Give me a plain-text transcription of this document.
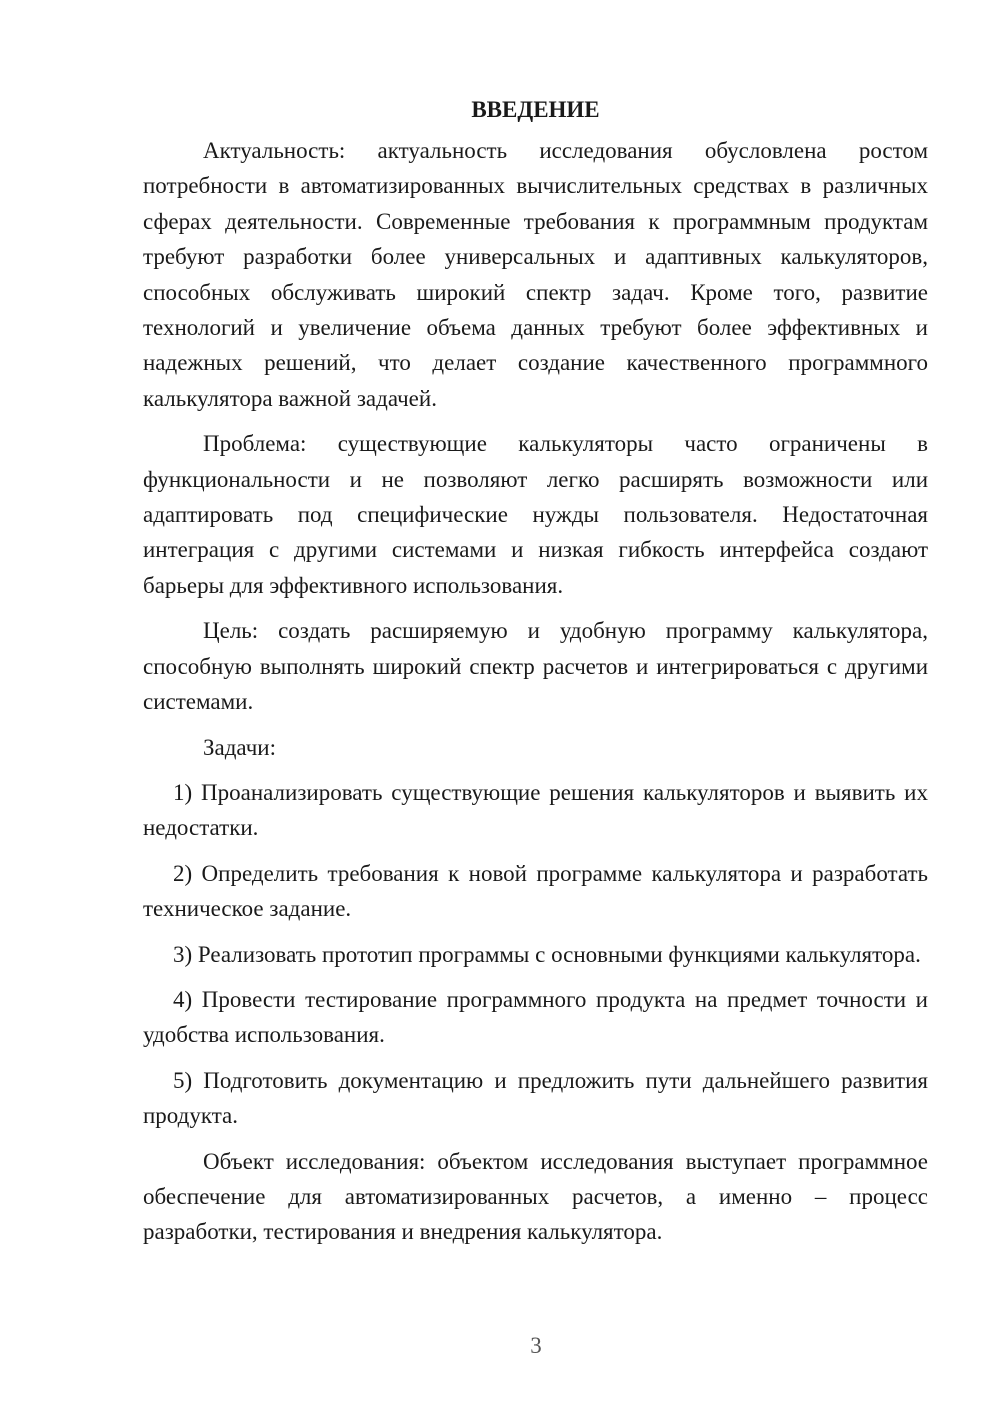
ВВЕДЕНИЕ

Актуальность: актуальность исследования обусловлена ростом потребности в автоматизированных вычислительных средствах в различных сферах деятельности. Современные требования к программным продуктам требуют разработки более универсальных и адаптивных калькуляторов, способных обслуживать широкий спектр задач. Кроме того, развитие технологий и увеличение объема данных требуют более эффективных и надежных решений, что делает создание качественного программного калькулятора важной задачей.

Проблема: существующие калькуляторы часто ограничены в функциональности и не позволяют легко расширять возможности или адаптировать под специфические нужды пользователя. Недостаточная интеграция с другими системами и низкая гибкость интерфейса создают барьеры для эффективного использования.

Цель: создать расширяемую и удобную программу калькулятора, способную выполнять широкий спектр расчетов и интегрироваться с другими системами.

Задачи:

1) Проанализировать существующие решения калькуляторов и выявить их недостатки.

2) Определить требования к новой программе калькулятора и разработать техническое задание.

3) Реализовать прототип программы с основными функциями калькулятора.

4) Провести тестирование программного продукта на предмет точности и удобства использования.

5) Подготовить документацию и предложить пути дальнейшего развития продукта.

Объект исследования: объектом исследования выступает программное обеспечение для автоматизированных расчетов, а именно – процесс разработки, тестирования и внедрения калькулятора.

3
